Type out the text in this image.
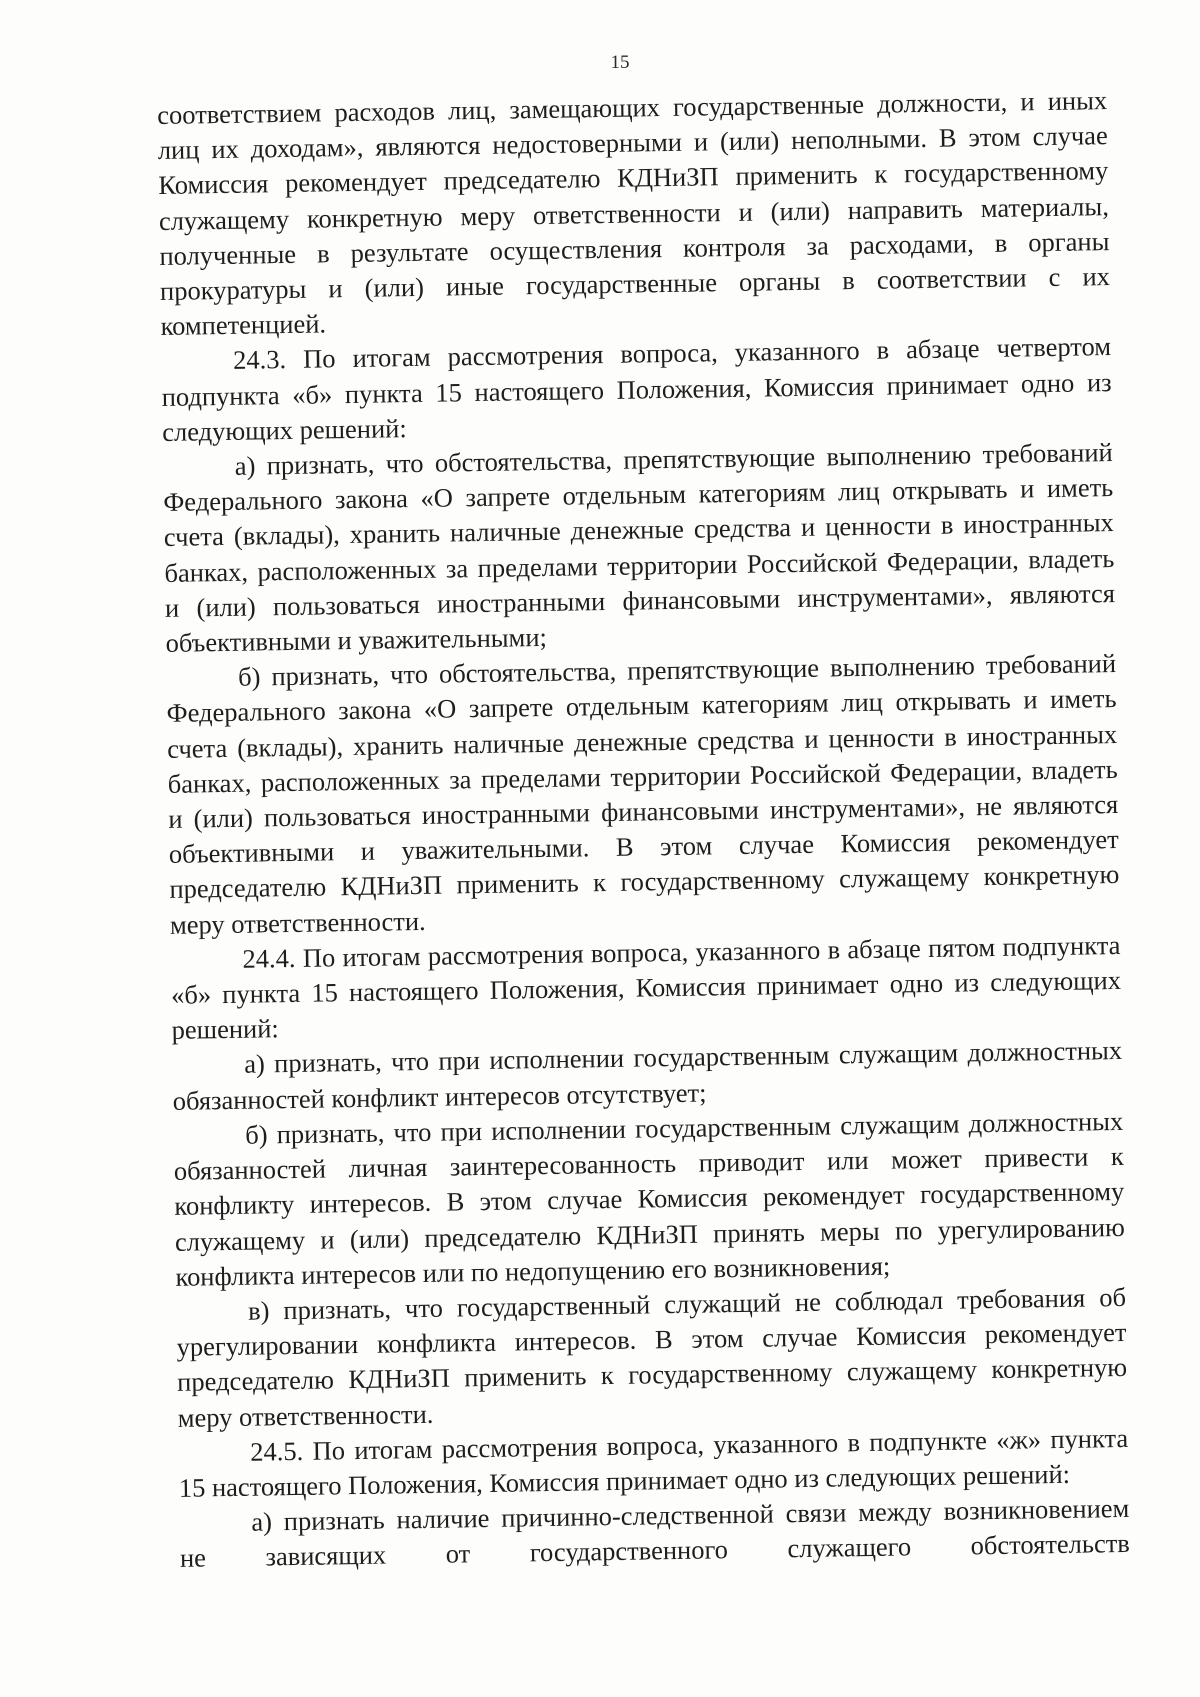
15

соответствием расходов лиц, замещающих государственные должности, и иных лиц их доходам», являются недостоверными и (или) неполными. В этом случае Комиссия рекомендует председателю КДНиЗП применить к государственному служащему конкретную меру ответственности и (или) направить материалы, полученные в результате осуществления контроля за расходами, в органы прокуратуры и (или) иные государственные органы в соответствии с их компетенцией.

24.3. По итогам рассмотрения вопроса, указанного в абзаце четвертом подпункта «б» пункта 15 настоящего Положения, Комиссия принимает одно из следующих решений:

а) признать, что обстоятельства, препятствующие выполнению требований Федерального закона «О запрете отдельным категориям лиц открывать и иметь счета (вклады), хранить наличные денежные средства и ценности в иностранных банках, расположенных за пределами территории Российской Федерации, владеть и (или) пользоваться иностранными финансовыми инструментами», являются объективными и уважительными;

б) признать, что обстоятельства, препятствующие выполнению требований Федерального закона «О запрете отдельным категориям лиц открывать и иметь счета (вклады), хранить наличные денежные средства и ценности в иностранных банках, расположенных за пределами территории Российской Федерации, владеть и (или) пользоваться иностранными финансовыми инструментами», не являются объективными и уважительными. В этом случае Комиссия рекомендует председателю КДНиЗП применить к государственному служащему конкретную меру ответственности.

24.4. По итогам рассмотрения вопроса, указанного в абзаце пятом подпункта «б» пункта 15 настоящего Положения, Комиссия принимает одно из следующих решений:

а) признать, что при исполнении государственным служащим должностных обязанностей конфликт интересов отсутствует;

б) признать, что при исполнении государственным служащим должностных обязанностей личная заинтересованность приводит или может привести к конфликту интересов. В этом случае Комиссия рекомендует государственному служащему и (или) председателю КДНиЗП принять меры по урегулированию конфликта интересов или по недопущению его возникновения;

в) признать, что государственный служащий не соблюдал требования об урегулировании конфликта интересов. В этом случае Комиссия рекомендует председателю КДНиЗП применить к государственному служащему конкретную меру ответственности.

24.5. По итогам рассмотрения вопроса, указанного в подпункте «ж» пункта 15 настоящего Положения, Комиссия принимает одно из следующих решений:

а) признать наличие причинно-следственной связи между возникновением не зависящих от государственного служащего обстоятельств
